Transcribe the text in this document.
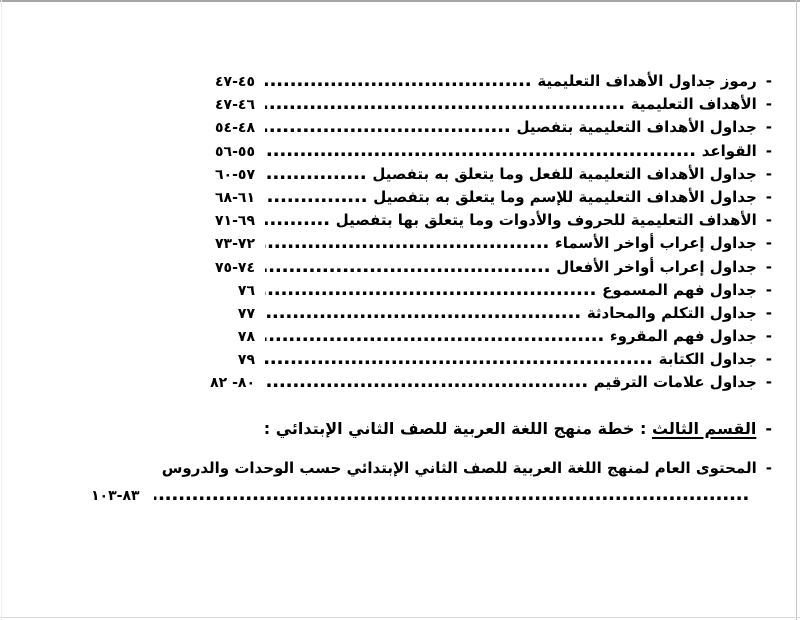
-
رموز جداول الأهداف التعليمية
.....
٤٥-٤٧
-
الأهداف التعليمية
.....
٤٦-٤٧
-
جداول الأهداف التعليمية بتفصيل
.....
٤٨-٥٤
-
القواعد
.....
٥٥-٥٦
-
جداول الأهداف التعليمية للفعل وما يتعلق به بتفصيل
.....
٥٧-٦٠
-
جداول الأهداف التعليمية للإسم وما يتعلق به بتفصيل
.....
٦١-٦٨
-
الأهداف التعليمية للحروف والأدوات وما يتعلق بها بتفصيل
.....
٦٩-٧١
-
جداول إعراب أواخر الأسماء
.....
٧٢-٧٣
-
جداول إعراب أواخر الأفعال
.....
٧٤-٧٥
-
جداول فهم المسموع
.....
٧٦
-
جداول التكلم والمحادثة
.....
٧٧
-
جداول فهم المقروء
.....
٧٨
-
جداول الكتابة
.....
٧٩
-
جداول علامات الترقيم
.....
٨٠- ٨٢
-
القسم الثالث : خطة منهج اللغة العربية للصف الثاني الإبتدائي :
-
المحتوى العام لمنهج اللغة العربية للصف الثاني الإبتدائي حسب الوحدات والدروس
.....
٨٣-١٠٣
